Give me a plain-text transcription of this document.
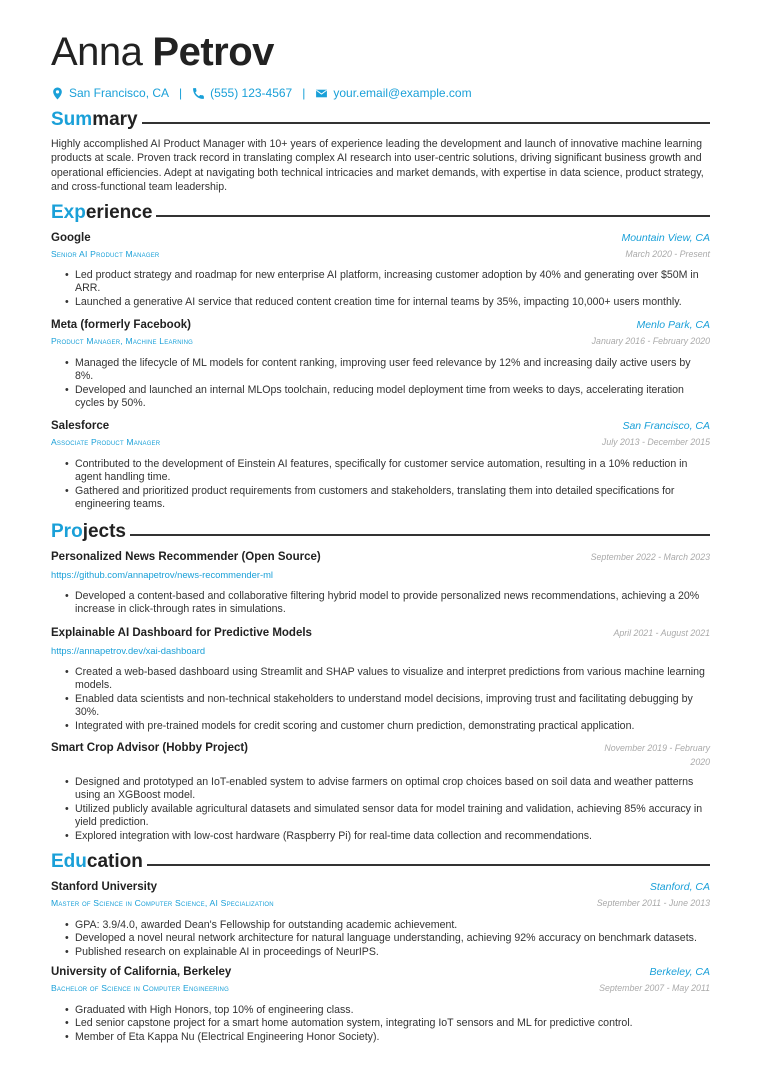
Anna Petrov
San Francisco, CA | (555) 123-4567 | your.email@example.com
Summary
Highly accomplished AI Product Manager with 10+ years of experience leading the development and launch of innovative machine learning products at scale. Proven track record in translating complex AI research into user-centric solutions, driving significant business growth and operational efficiencies. Adept at navigating both technical intricacies and market demands, with expertise in data science, product strategy, and cross-functional team leadership.
Experience
Google	Mountain View, CA
Senior AI Product Manager	March 2020 - Present
• Led product strategy and roadmap for new enterprise AI platform, increasing customer adoption by 40% and generating over $50M in ARR.
• Launched a generative AI service that reduced content creation time for internal teams by 35%, impacting 10,000+ users monthly.
Meta (formerly Facebook)	Menlo Park, CA
Product Manager, Machine Learning	January 2016 - February 2020
• Managed the lifecycle of ML models for content ranking, improving user feed relevance by 12% and increasing daily active users by 8%.
• Developed and launched an internal MLOps toolchain, reducing model deployment time from weeks to days, accelerating iteration cycles by 50%.
Salesforce	San Francisco, CA
Associate Product Manager	July 2013 - December 2015
• Contributed to the development of Einstein AI features, specifically for customer service automation, resulting in a 10% reduction in agent handling time.
• Gathered and prioritized product requirements from customers and stakeholders, translating them into detailed specifications for engineering teams.
Projects
Personalized News Recommender (Open Source)	September 2022 - March 2023
https://github.com/annapetrov/news-recommender-ml
• Developed a content-based and collaborative filtering hybrid model to provide personalized news recommendations, achieving a 20% increase in click-through rates in simulations.
Explainable AI Dashboard for Predictive Models	April 2021 - August 2021
https://annapetrov.dev/xai-dashboard
• Created a web-based dashboard using Streamlit and SHAP values to visualize and interpret predictions from various machine learning models.
• Enabled data scientists and non-technical stakeholders to understand model decisions, improving trust and facilitating debugging by 30%.
• Integrated with pre-trained models for credit scoring and customer churn prediction, demonstrating practical application.
Smart Crop Advisor (Hobby Project)	November 2019 - February 2020
• Designed and prototyped an IoT-enabled system to advise farmers on optimal crop choices based on soil data and weather patterns using an XGBoost model.
• Utilized publicly available agricultural datasets and simulated sensor data for model training and validation, achieving 85% accuracy in yield prediction.
• Explored integration with low-cost hardware (Raspberry Pi) for real-time data collection and recommendations.
Education
Stanford University	Stanford, CA
Master of Science in Computer Science, AI Specialization	September 2011 - June 2013
• GPA: 3.9/4.0, awarded Dean's Fellowship for outstanding academic achievement.
• Developed a novel neural network architecture for natural language understanding, achieving 92% accuracy on benchmark datasets.
• Published research on explainable AI in proceedings of NeurIPS.
University of California, Berkeley	Berkeley, CA
Bachelor of Science in Computer Engineering	September 2007 - May 2011
• Graduated with High Honors, top 10% of engineering class.
• Led senior capstone project for a smart home automation system, integrating IoT sensors and ML for predictive control.
• Member of Eta Kappa Nu (Electrical Engineering Honor Society).
